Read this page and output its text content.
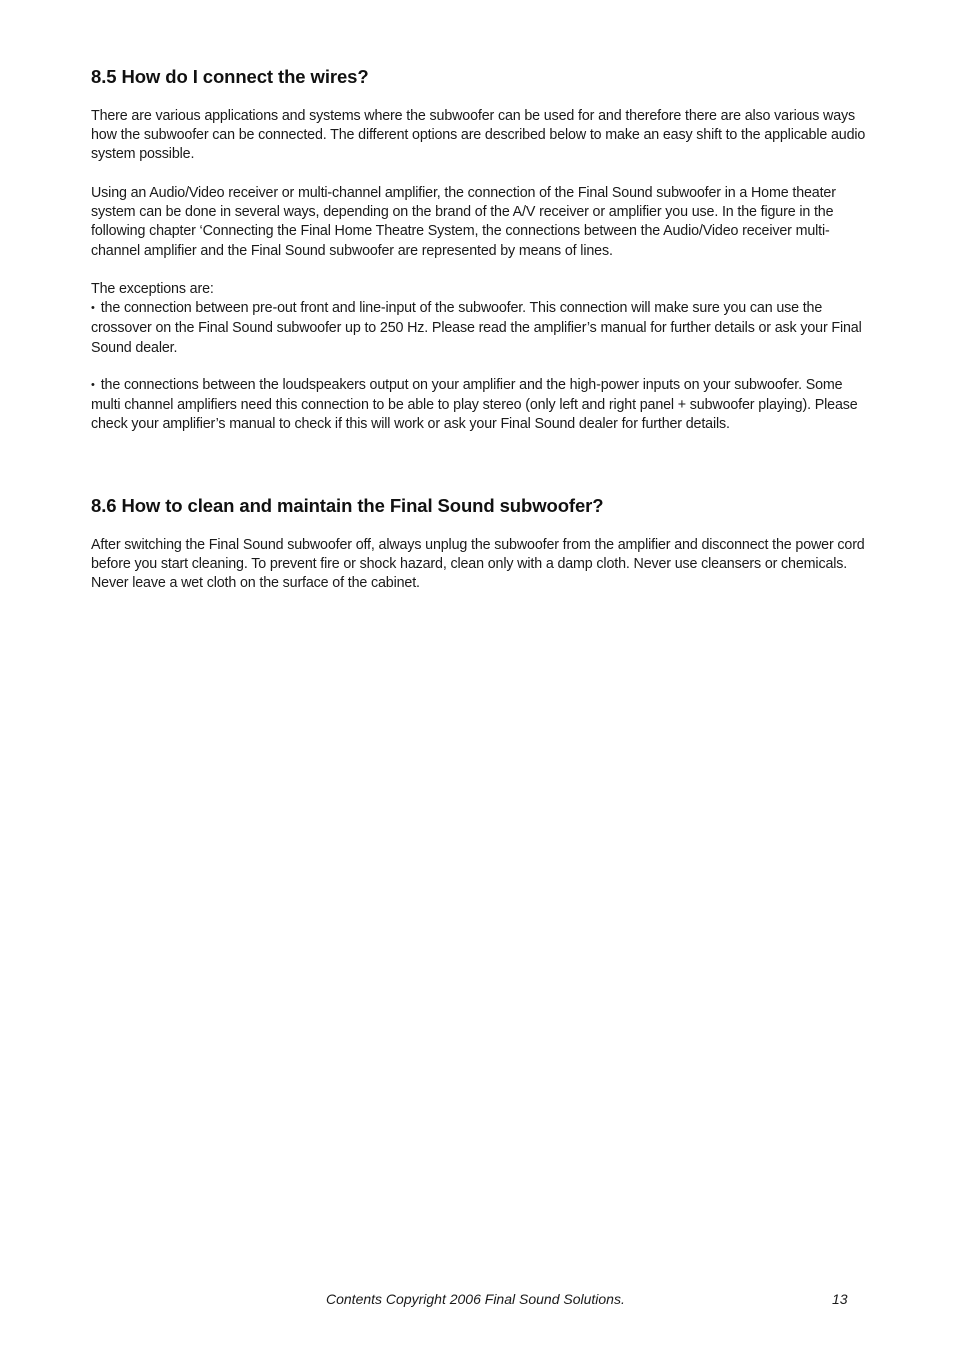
8.5 How do I connect the wires?

There are various applications and systems where the subwoofer can be used for and therefore there are also various ways how the subwoofer can be connected. The different options are described below to make an easy shift to the applicable audio system possible.

Using an Audio/Video receiver or multi-channel amplifier, the connection of the Final Sound subwoofer in a Home theater system can be done in several ways, depending on the brand of the A/V receiver or amplifier you use. In the figure in the following chapter ‘Connecting the Final Home Theatre System, the connections between the Audio/Video receiver multi-channel amplifier and the Final Sound subwoofer are represented by means of lines.

The exceptions are:

• the connection between pre-out front and line-input of the subwoofer. This connection will make sure you can use the crossover on the Final Sound subwoofer up to 250 Hz. Please read the amplifier’s manual for further details or ask your Final Sound dealer.

• the connections between the loudspeakers output on your amplifier and the high-power inputs on your subwoofer. Some multi channel amplifiers need this connection to be able to play stereo (only left and right panel + subwoofer playing). Please check your amplifier’s manual to check if this will work or ask your Final Sound dealer for further details.

8.6 How to clean and maintain the Final Sound subwoofer?

After switching the Final Sound subwoofer off, always unplug the subwoofer from the amplifier and disconnect the power cord before you start cleaning. To prevent fire or shock hazard, clean only with a damp cloth. Never use cleansers or chemicals. Never leave a wet cloth on the surface of the cabinet.

Contents Copyright 2006 Final Sound Solutions.	13
